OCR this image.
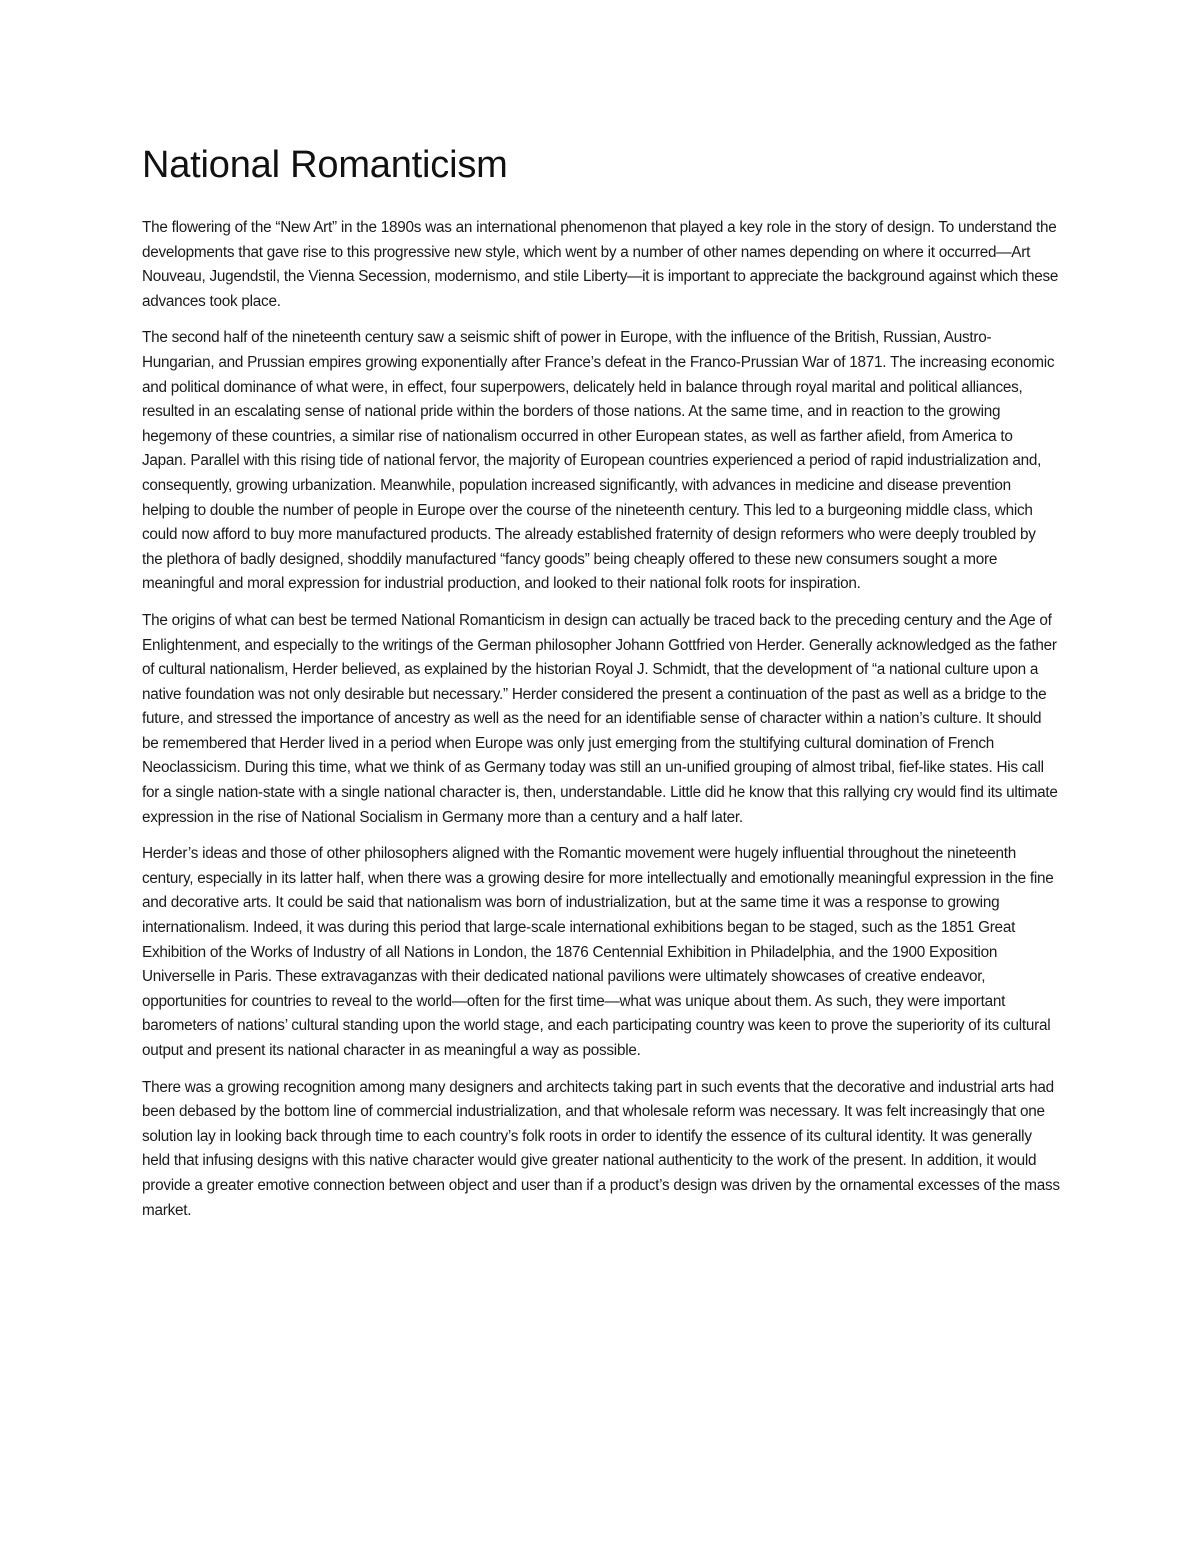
National Romanticism

The flowering of the “New Art” in the 1890s was an international phenomenon that played a key role in the story of design. To understand the developments that gave rise to this progressive new style, which went by a number of other names depending on where it occurred—Art Nouveau, Jugendstil, the Vienna Secession, modernismo, and stile Liberty—it is important to appreciate the background against which these advances took place.

The second half of the nineteenth century saw a seismic shift of power in Europe, with the influence of the British, Russian, Austro-Hungarian, and Prussian empires growing exponentially after France’s defeat in the Franco-Prussian War of 1871. The increasing economic and political dominance of what were, in effect, four superpowers, delicately held in balance through royal marital and political alliances, resulted in an escalating sense of national pride within the borders of those nations. At the same time, and in reaction to the growing hegemony of these countries, a similar rise of nationalism occurred in other European states, as well as farther afield, from America to Japan. Parallel with this rising tide of national fervor, the majority of European countries experienced a period of rapid industrialization and, consequently, growing urbanization. Meanwhile, population increased significantly, with advances in medicine and disease prevention helping to double the number of people in Europe over the course of the nineteenth century. This led to a burgeoning middle class, which could now afford to buy more manufactured products. The already established fraternity of design reformers who were deeply troubled by the plethora of badly designed, shoddily manufactured “fancy goods” being cheaply offered to these new consumers sought a more meaningful and moral expression for industrial production, and looked to their national folk roots for inspiration.

The origins of what can best be termed National Romanticism in design can actually be traced back to the preceding century and the Age of Enlightenment, and especially to the writings of the German philosopher Johann Gottfried von Herder. Generally acknowledged as the father of cultural nationalism, Herder believed, as explained by the historian Royal J. Schmidt, that the development of “a national culture upon a native foundation was not only desirable but necessary.” Herder considered the present a continuation of the past as well as a bridge to the future, and stressed the importance of ancestry as well as the need for an identifiable sense of character within a nation’s culture. It should be remembered that Herder lived in a period when Europe was only just emerging from the stultifying cultural domination of French Neoclassicism. During this time, what we think of as Germany today was still an un-unified grouping of almost tribal, fief-like states. His call for a single nation-state with a single national character is, then, understandable. Little did he know that this rallying cry would find its ultimate expression in the rise of National Socialism in Germany more than a century and a half later.

Herder’s ideas and those of other philosophers aligned with the Romantic movement were hugely influential throughout the nineteenth century, especially in its latter half, when there was a growing desire for more intellectually and emotionally meaningful expression in the fine and decorative arts. It could be said that nationalism was born of industrialization, but at the same time it was a response to growing internationalism. Indeed, it was during this period that large-scale international exhibitions began to be staged, such as the 1851 Great Exhibition of the Works of Industry of all Nations in London, the 1876 Centennial Exhibition in Philadelphia, and the 1900 Exposition Universelle in Paris. These extravaganzas with their dedicated national pavilions were ultimately showcases of creative endeavor, opportunities for countries to reveal to the world—often for the first time—what was unique about them. As such, they were important barometers of nations’ cultural standing upon the world stage, and each participating country was keen to prove the superiority of its cultural output and present its national character in as meaningful a way as possible.

There was a growing recognition among many designers and architects taking part in such events that the decorative and industrial arts had been debased by the bottom line of commercial industrialization, and that wholesale reform was necessary. It was felt increasingly that one solution lay in looking back through time to each country’s folk roots in order to identify the essence of its cultural identity. It was generally held that infusing designs with this native character would give greater national authenticity to the work of the present. In addition, it would provide a greater emotive connection between object and user than if a product’s design was driven by the ornamental excesses of the mass market.
